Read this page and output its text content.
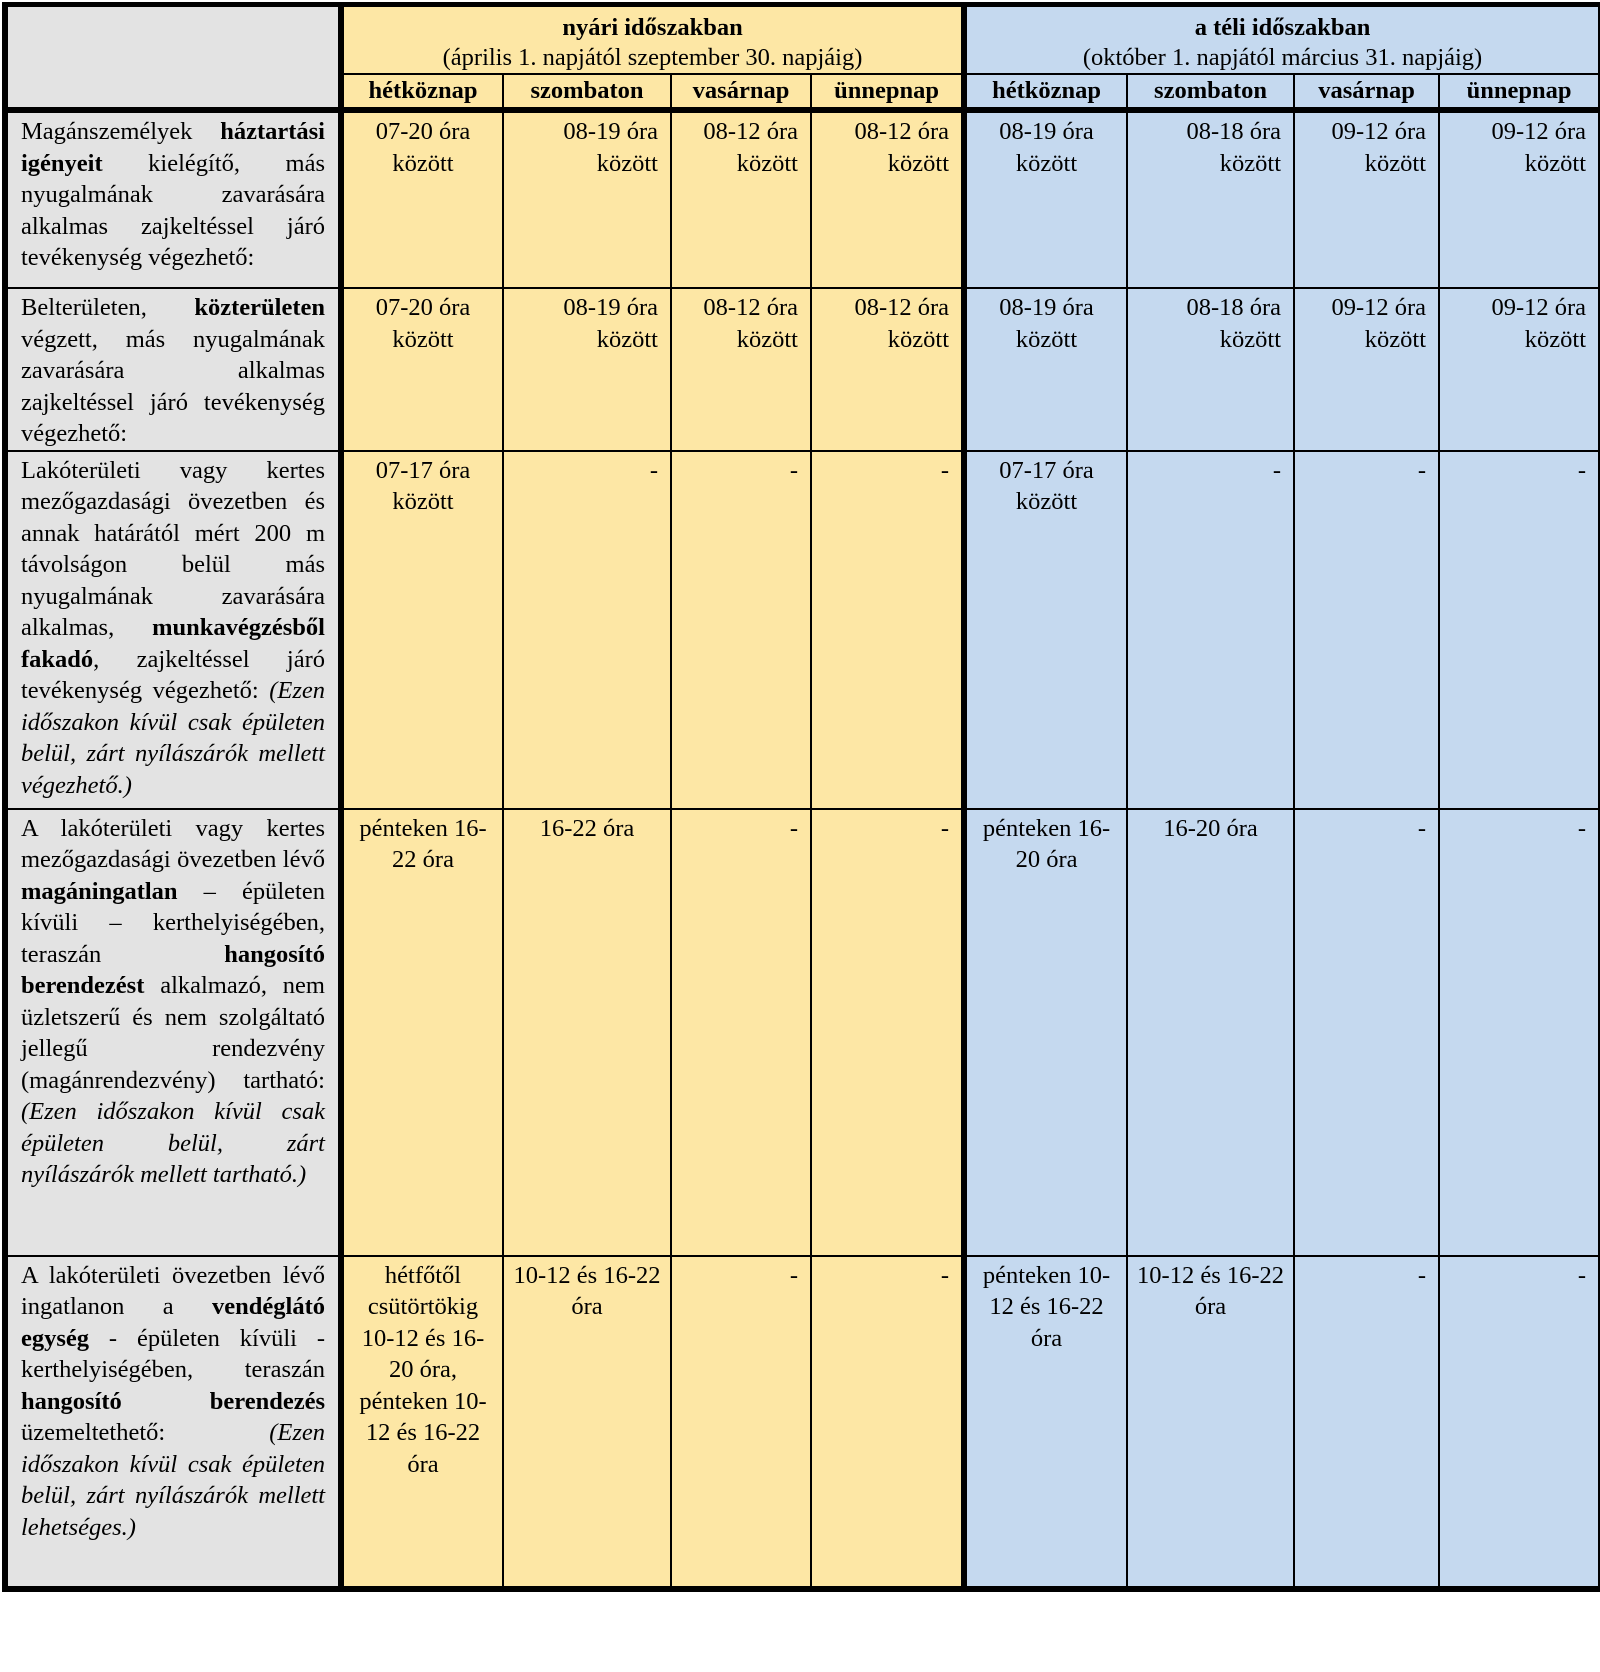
	nyári időszakban
(április 1. napjától szeptember 30. napjáig)				a téli időszakban
(október 1. napjától március 31. napjáig)			
	hétköznap	szombaton	vasárnap	ünnepnap	hétköznap	szombaton	vasárnap	ünnepnap
Magánszemélyek háztartási igényeit kielégítő, más nyugalmának zavarására alkalmas zajkeltéssel járó tevékenység végezhető:	07-20 óra között	08-19 óra között	08-12 óra között	08-12 óra között	08-19 óra között	08-18 óra között	09-12 óra között	09-12 óra között

Belterületen, közterületen végzett, más nyugalmának zavarására alkalmas zajkeltéssel járó tevékenység végezhető:	07-20 óra között	08-19 óra között	08-12 óra között	08-12 óra között	08-19 óra között	08-18 óra között	09-12 óra között	09-12 óra között

Lakóterületi vagy kertes mezőgazdasági övezetben és annak határától mért 200 m távolságon belül más nyugalmának zavarására alkalmas, munkavégzésből fakadó, zajkeltéssel járó tevékenység végezhető: (Ezen időszakon kívül csak épületen belül, zárt nyílászárók mellett végezhető.)	07-17 óra között	-	-	-	07-17 óra között	-	-	-

A lakóterületi vagy kertes mezőgazdasági övezetben lévő magáningatlan – épületen kívüli – kerthelyiségében, teraszán hangosító berendezést alkalmazó, nem üzletszerű és nem szolgáltató jellegű rendezvény (magánrendezvény) tartható: (Ezen időszakon kívül csak épületen belül, zárt nyílászárók mellett tartható.)	pénteken 16-22 óra	16-22 óra	-	-	pénteken 16-20 óra	16-20 óra	-	-

A lakóterületi övezetben lévő ingatlanon a vendéglátó egység - épületen kívüli - kerthelyiségében, teraszán hangosító berendezés üzemeltethető: (Ezen időszakon kívül csak épületen belül, zárt nyílászárók mellett lehetséges.)	hétfőtől csütörtökig 10-12 és 16-20 óra, pénteken 10-12 és 16-22 óra	10-12 és 16-22 óra	-	-	pénteken 10-12 és 16-22 óra	10-12 és 16-22 óra	-	-
